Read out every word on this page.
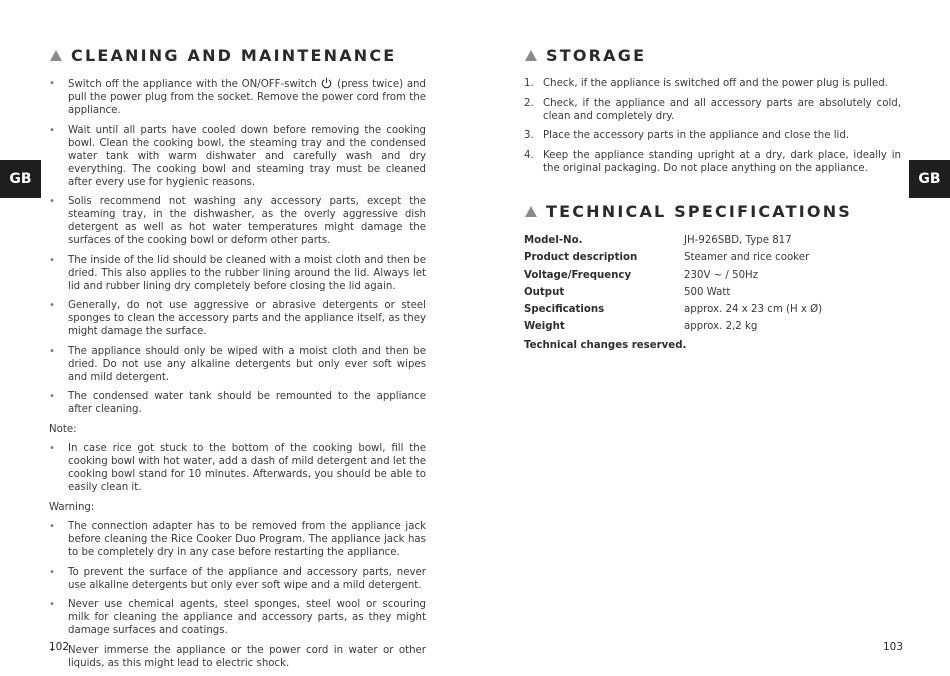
CLEANING AND MAINTENANCE
• Switch off the appliance with the ON/OFF-switch (press twice) and pull the power plug from the socket. Remove the power cord from the appliance.
• Wait until all parts have cooled down before removing the cooking bowl. Clean the cooking bowl, the steaming tray and the condensed water tank with warm dishwater and carefully wash and dry everything. The cooking bowl and steaming tray must be cleaned after every use for hygienic reasons.
• Solis recommend not washing any accessory parts, except the steaming tray, in the dishwasher, as the overly aggressive dish detergent as well as hot water temperatures might damage the surfaces of the cooking bowl or deform other parts.
• The inside of the lid should be cleaned with a moist cloth and then be dried. This also applies to the rubber lining around the lid. Always let lid and rubber lining dry completely before closing the lid again.
• Generally, do not use aggressive or abrasive detergents or steel sponges to clean the accessory parts and the appliance itself, as they might damage the surface.
• The appliance should only be wiped with a moist cloth and then be dried. Do not use any alkaline detergents but only ever soft wipes and mild detergent.
• The condensed water tank should be remounted to the appliance after cleaning.
Note:
• In case rice got stuck to the bottom of the cooking bowl, fill the cooking bowl with hot water, add a dash of mild detergent and let the cooking bowl stand for 10 minutes. Afterwards, you should be able to easily clean it.
Warning:
• The connection adapter has to be removed from the appliance jack before cleaning the Rice Cooker Duo Program. The appliance jack has to be completely dry in any case before restarting the appliance.
• To prevent the surface of the appliance and accessory parts, never use alkaline detergents but only ever soft wipe and a mild detergent.
• Never use chemical agents, steel sponges, steel wool or scouring milk for cleaning the appliance and accessory parts, as they might damage surfaces and coatings.
• Never immerse the appliance or the power cord in water or other liquids, as this might lead to electric shock.
GB
102
STORAGE
1. Check, if the appliance is switched off and the power plug is pulled.
2. Check, if the appliance and all accessory parts are absolutely cold, clean and completely dry.
3. Place the accessory parts in the appliance and close the lid.
4. Keep the appliance standing upright at a dry, dark place, ideally in the original packaging. Do not place anything on the appliance.
TECHNICAL SPECIFICATIONS
Model-No.	JH-926SBD, Type 817
Product description	Steamer and rice cooker
Voltage/Frequency	230V ~ / 50Hz
Output	500 Watt
Specifications	approx. 24 x 23 cm (H x Ø)
Weight	approx. 2,2 kg
Technical changes reserved.
GB
103
